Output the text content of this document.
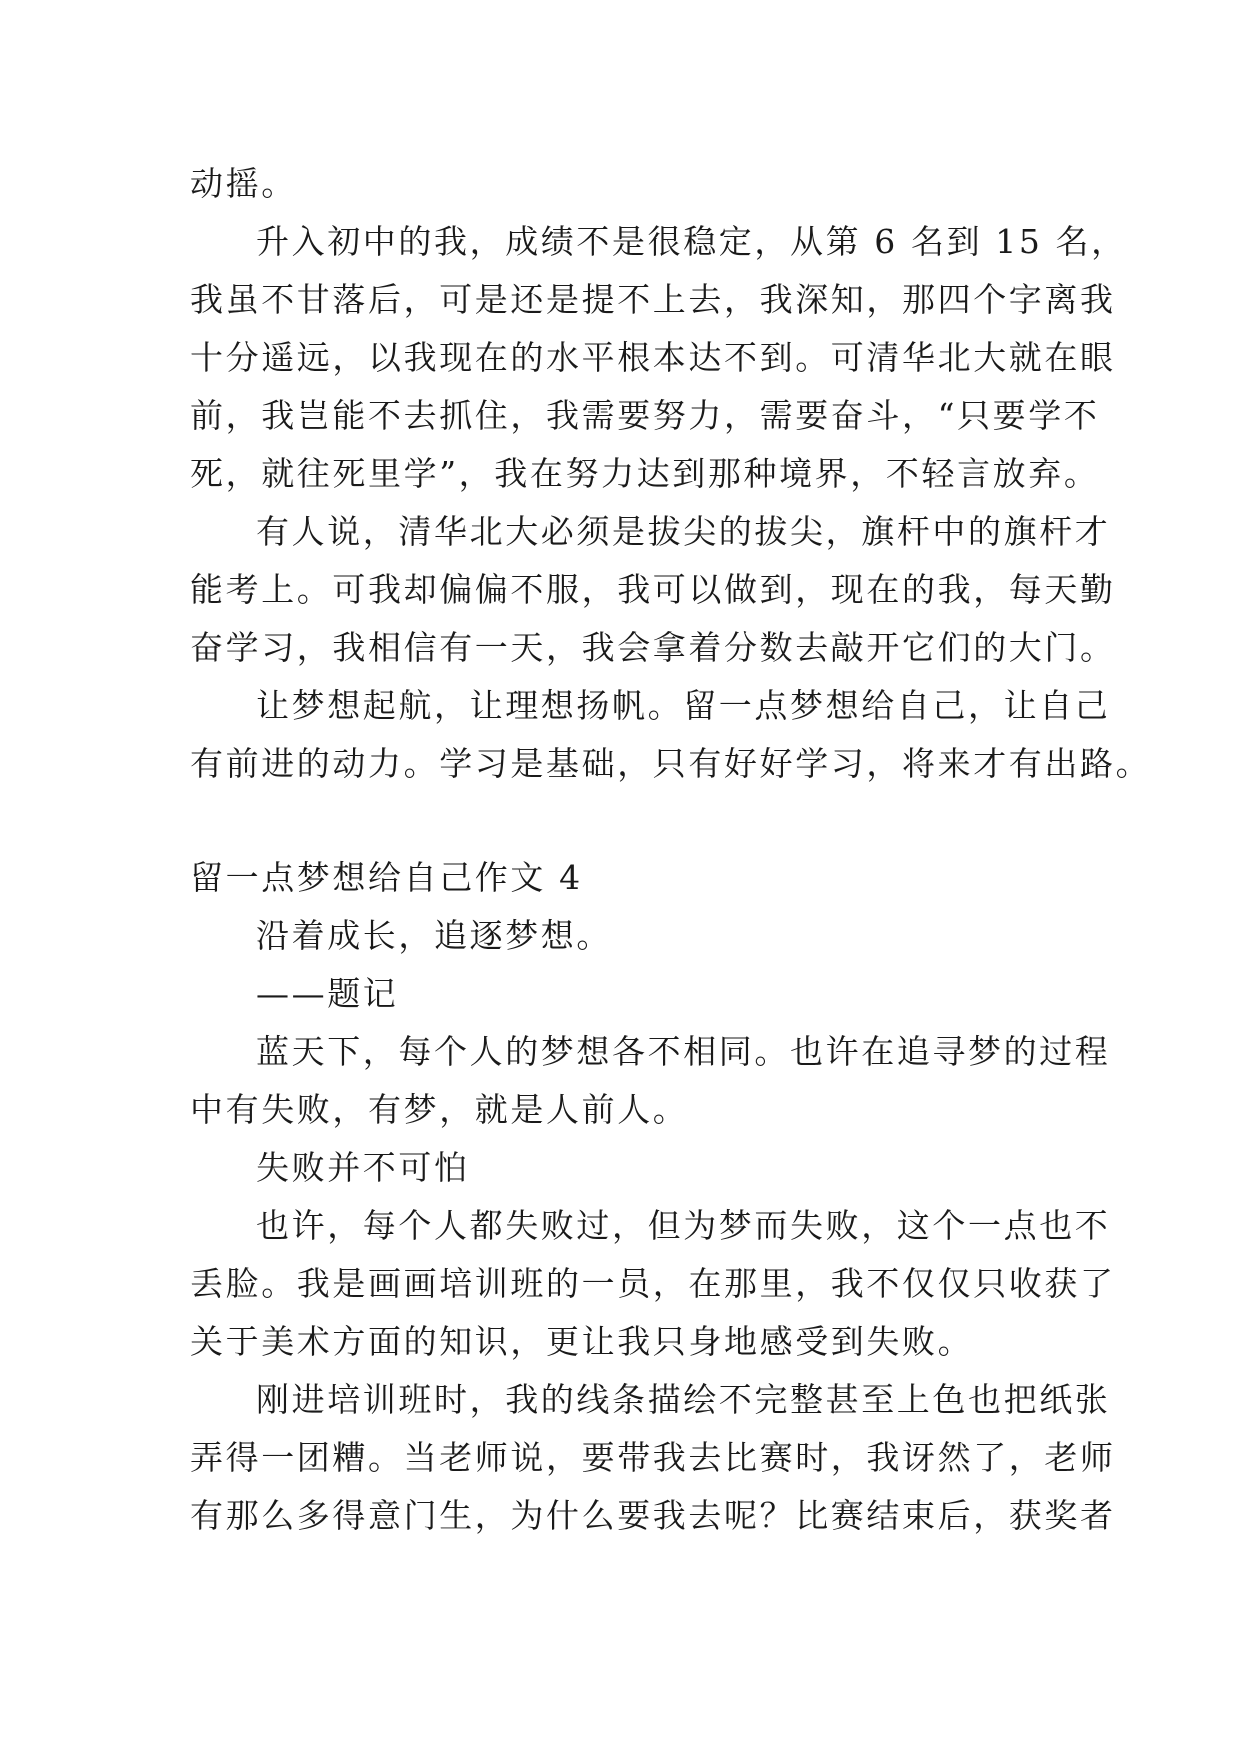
动摇。
升入初中的我，成绩不是很稳定，从第 6 名到 15 名，
我虽不甘落后，可是还是提不上去，我深知，那四个字离我
十分遥远，以我现在的水平根本达不到。可清华北大就在眼
前，我岂能不去抓住，我需要努力，需要奋斗，“只要学不
死，就往死里学”，我在努力达到那种境界，不轻言放弃。
有人说，清华北大必须是拔尖的拔尖，旗杆中的旗杆才
能考上。可我却偏偏不服，我可以做到，现在的我，每天勤
奋学习，我相信有一天，我会拿着分数去敲开它们的大门。
让梦想起航，让理想扬帆。留一点梦想给自己，让自己
有前进的动力。学习是基础，只有好好学习，将来才有出路。
留一点梦想给自己作文 4
沿着成长，追逐梦想。
——题记
蓝天下，每个人的梦想各不相同。也许在追寻梦的过程
中有失败，有梦，就是人前人。
失败并不可怕
也许，每个人都失败过，但为梦而失败，这个一点也不
丢脸。我是画画培训班的一员，在那里，我不仅仅只收获了
关于美术方面的知识，更让我只身地感受到失败。
刚进培训班时，我的线条描绘不完整甚至上色也把纸张
弄得一团糟。当老师说，要带我去比赛时，我讶然了，老师
有那么多得意门生，为什么要我去呢？比赛结束后，获奖者
